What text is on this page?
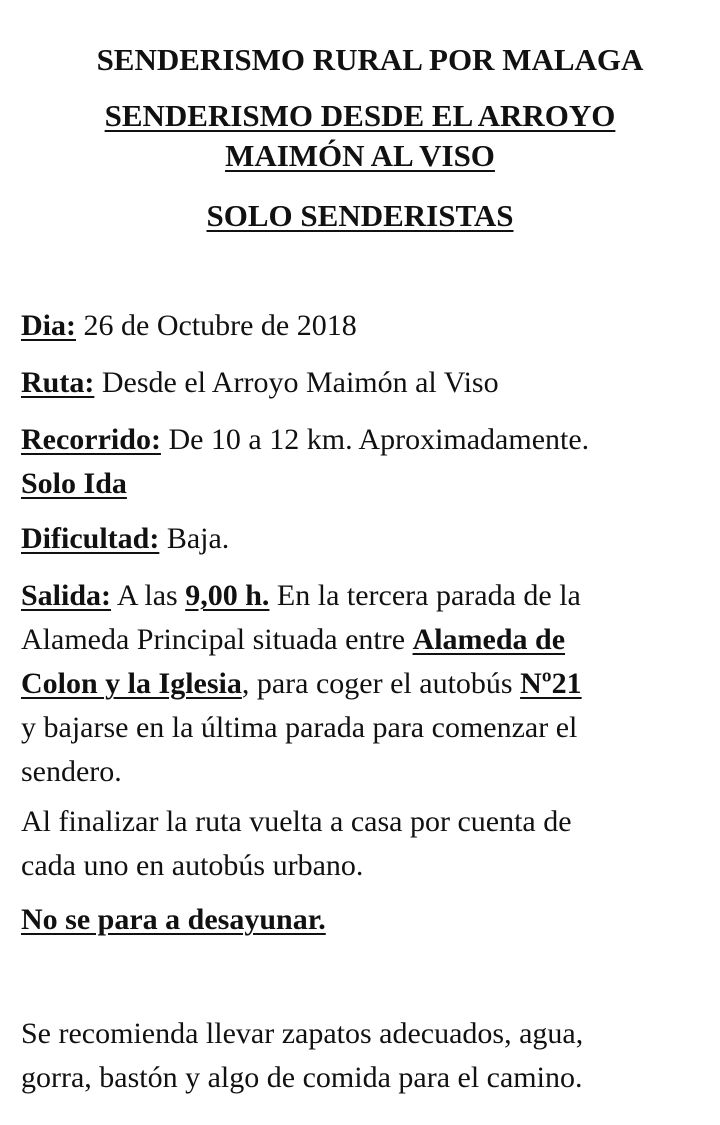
SENDERISMO RURAL POR MALAGA
SENDERISMO DESDE EL ARROYO
MAIMÓN AL VISO
SOLO SENDERISTAS

Dia: 26 de Octubre de 2018

Ruta: Desde el Arroyo Maimón al Viso

Recorrido: De 10 a 12 km. Aproximadamente.
Solo Ida

Dificultad: Baja.

Salida: A las 9,00 h. En la tercera parada de la
Alameda Principal situada entre Alameda de
Colon y la Iglesia, para coger el autobús Nº21
y bajarse en la última parada para comenzar el
sendero.

Al finalizar la ruta vuelta a casa por cuenta de
cada uno en autobús urbano.

No se para a desayunar.

Se recomienda llevar zapatos adecuados, agua,
gorra, bastón y algo de comida para el camino.
